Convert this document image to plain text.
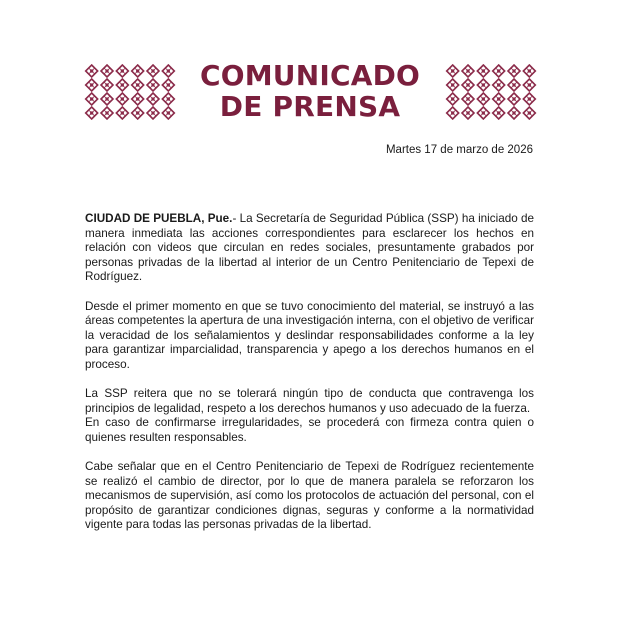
COMUNICADO
DE PRENSA
Martes 17 de marzo de 2026

CIUDAD DE PUEBLA, Pue.- La Secretaría de Seguridad Pública (SSP) ha iniciado de manera inmediata las acciones correspondientes para esclarecer los hechos en relación con videos que circulan en redes sociales, presuntamente grabados por personas privadas de la libertad al interior de un Centro Penitenciario de Tepexi de Rodríguez.

Desde el primer momento en que se tuvo conocimiento del material, se instruyó a las áreas competentes la apertura de una investigación interna, con el objetivo de verificar la veracidad de los señalamientos y deslindar responsabilidades conforme a la ley para garantizar imparcialidad, transparencia y apego a los derechos humanos en el proceso.

La SSP reitera que no se tolerará ningún tipo de conducta que contravenga los principios de legalidad, respeto a los derechos humanos y uso adecuado de la fuerza.

En caso de confirmarse irregularidades, se procederá con firmeza contra quien o quienes resulten responsables.

Cabe señalar que en el Centro Penitenciario de Tepexi de Rodríguez recientemente se realizó el cambio de director, por lo que de manera paralela se reforzaron los mecanismos de supervisión, así como los protocolos de actuación del personal, con el propósito de garantizar condiciones dignas, seguras y conforme a la normatividad vigente para todas las personas privadas de la libertad.
